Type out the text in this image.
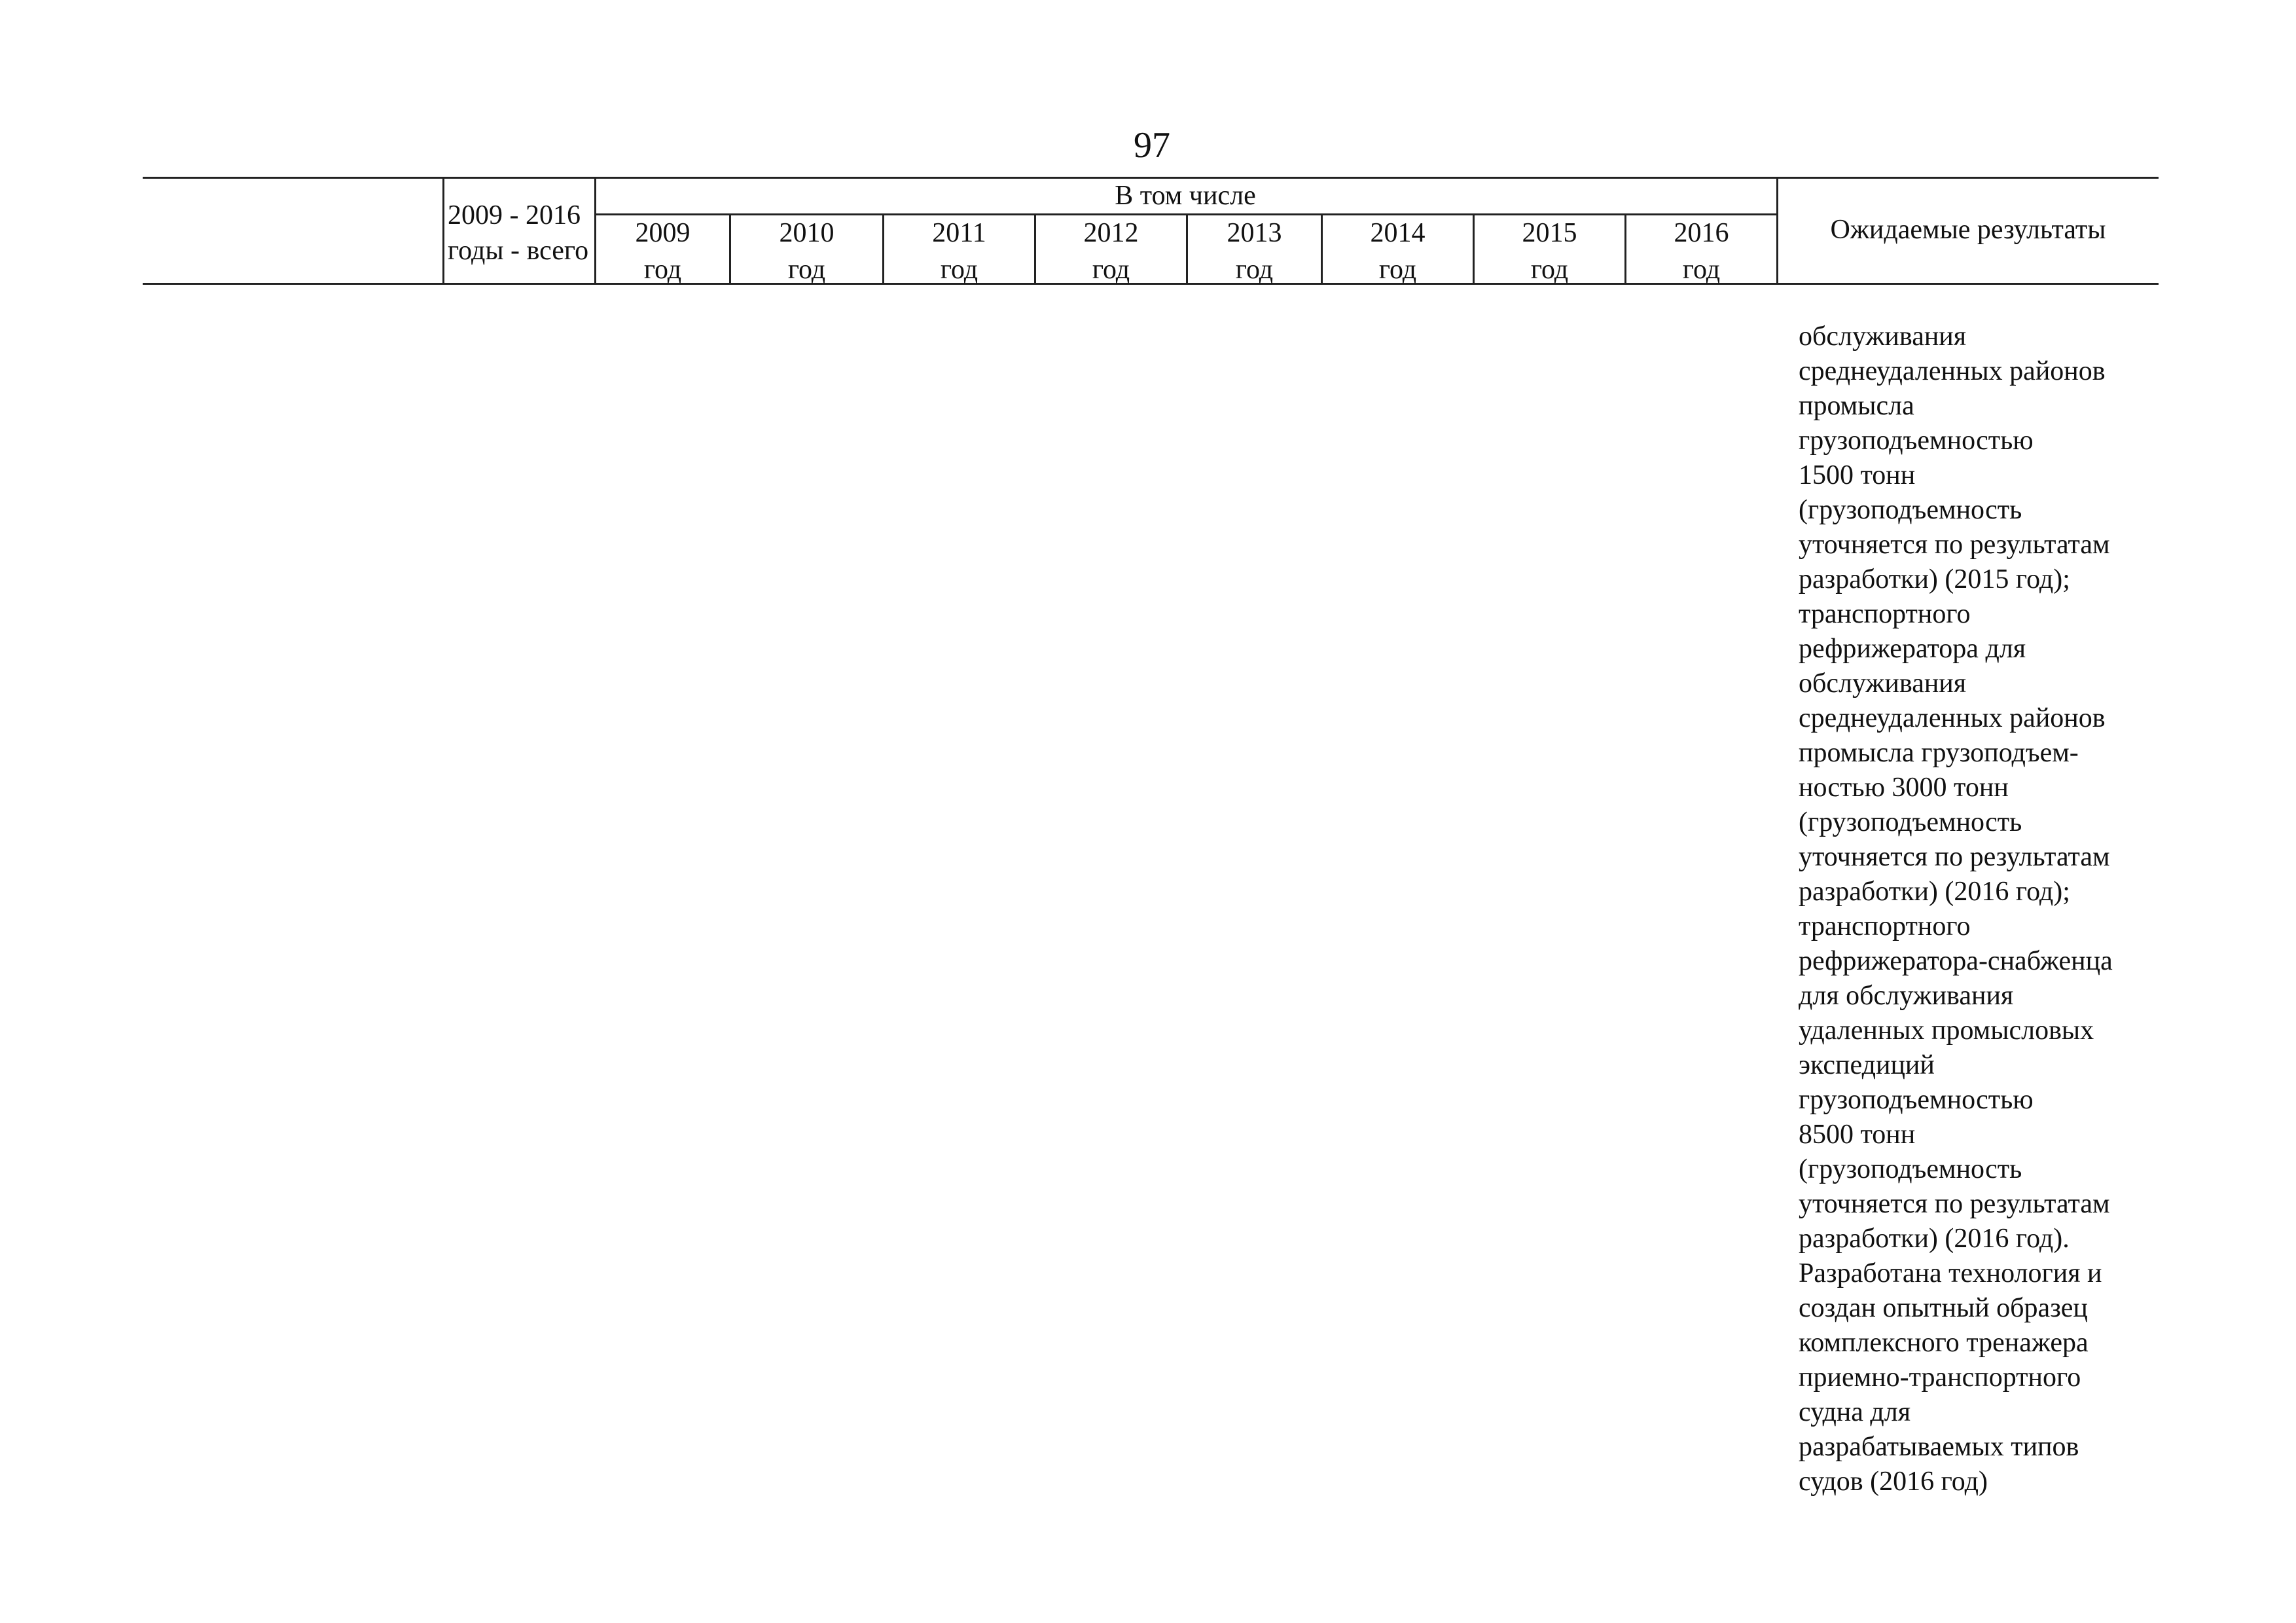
97
2009 - 2016
годы - всего
В том числе
2009
год
2010
год
2011
год
2012
год
2013
год
2014
год
2015
год
2016
год
Ожидаемые результаты
обслуживания
среднеудаленных районов
промысла
грузоподъемностью
1500 тонн
(грузоподъемность
уточняется по результатам
разработки) (2015 год);
транспортного
рефрижератора для
обслуживания
среднеудаленных районов
промысла грузоподъем-
ностью 3000 тонн
(грузоподъемность
уточняется по результатам
разработки) (2016 год);
транспортного
рефрижератора-снабженца
для обслуживания
удаленных промысловых
экспедиций
грузоподъемностью
8500 тонн
(грузоподъемность
уточняется по результатам
разработки) (2016 год).
Разработана технология и
создан опытный образец
комплексного тренажера
приемно-транспортного
судна для
разрабатываемых типов
судов (2016 год)
